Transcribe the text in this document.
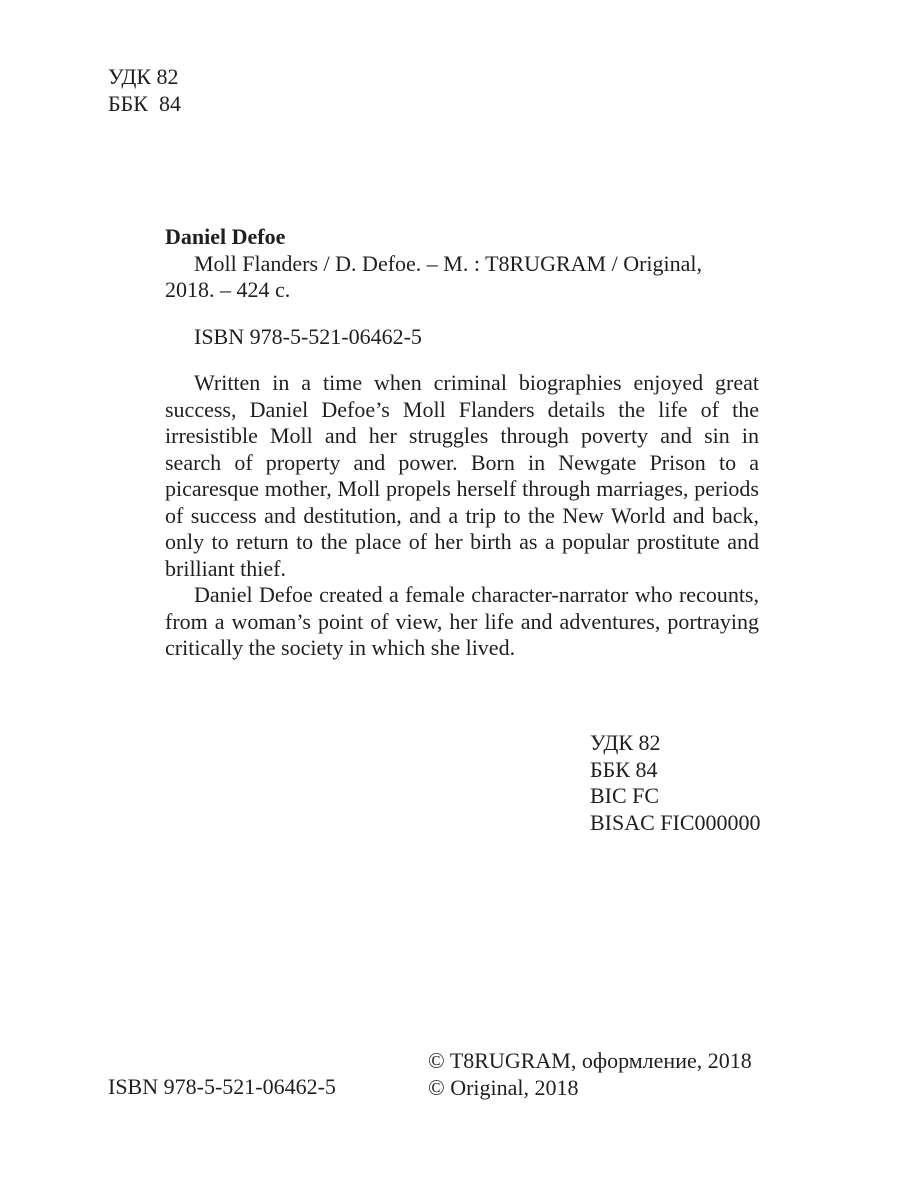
УДК 82
ББК  84
Daniel Defoe
Moll Flanders / D. Defoe. – M. : T8RUGRAM / Original,
2018. – 424 с.
ISBN 978-5-521-06462-5

Written in a time when criminal biographies enjoyed great success, Daniel Defoe’s Moll Flanders details the life of the irresistible Moll and her struggles through poverty and sin in search of property and power. Born in Newgate Prison to a picaresque mother, Moll propels herself through marriages, periods of success and destitution, and a trip to the New World and back, only to return to the place of her birth as a popular prostitute and brilliant thief.

Daniel Defoe created a female character-narrator who recounts, from a woman’s point of view, her life and adventures, portraying critically the society in which she lived.

УДК 82
ББК 84
BIC FC
BISAC FIC000000
© T8RUGRAM, оформление, 2018
© Original, 2018
ISBN 978-5-521-06462-5
